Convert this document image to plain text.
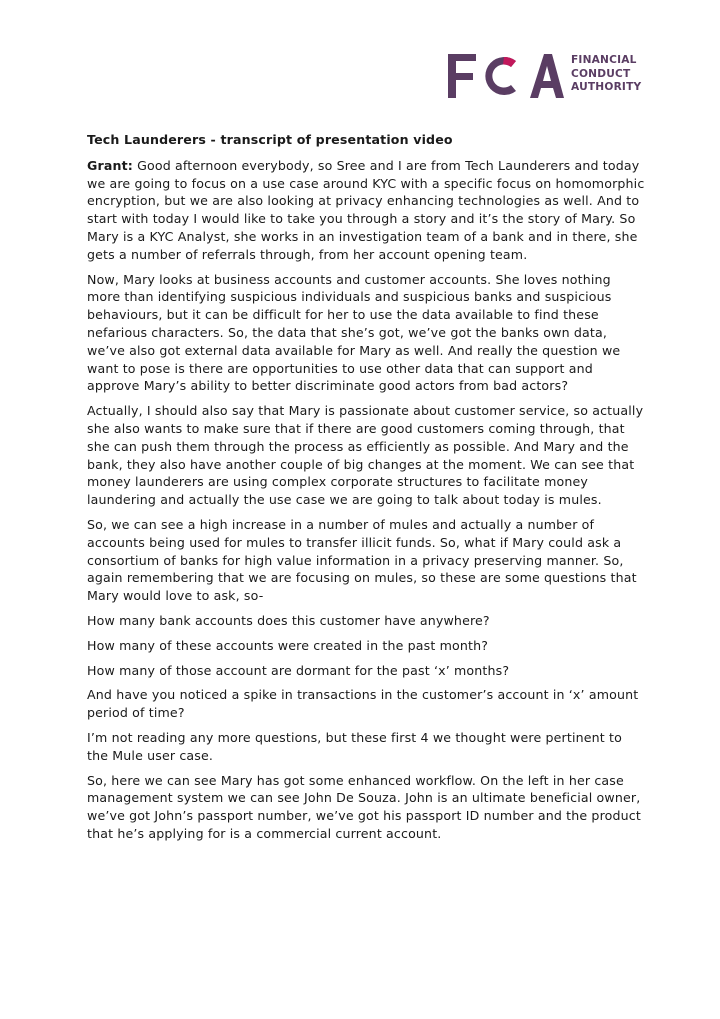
FINANCIAL
CONDUCT
AUTHORITY
Tech Launderers - transcript of presentation video

Grant: Good afternoon everybody, so Sree and I are from Tech Launderers and today we are going to focus on a use case around KYC with a specific focus on homomorphic encryption, but we are also looking at privacy enhancing technologies as well. And to start with today I would like to take you through a story and it’s the story of Mary. So Mary is a KYC Analyst, she works in an investigation team of a bank and in there, she gets a number of referrals through, from her account opening team.

Now, Mary looks at business accounts and customer accounts. She loves nothing more than identifying suspicious individuals and suspicious banks and suspicious behaviours, but it can be difficult for her to use the data available to find these nefarious characters. So, the data that she’s got, we’ve got the banks own data, we’ve also got external data available for Mary as well. And really the question we want to pose is there are opportunities to use other data that can support and approve Mary’s ability to better discriminate good actors from bad actors?

Actually, I should also say that Mary is passionate about customer service, so actually she also wants to make sure that if there are good customers coming through, that she can push them through the process as efficiently as possible. And Mary and the bank, they also have another couple of big changes at the moment. We can see that money launderers are using complex corporate structures to facilitate money laundering and actually the use case we are going to talk about today is mules.

So, we can see a high increase in a number of mules and actually a number of accounts being used for mules to transfer illicit funds. So, what if Mary could ask a consortium of banks for high value information in a privacy preserving manner. So, again remembering that we are focusing on mules, so these are some questions that Mary would love to ask, so-

How many bank accounts does this customer have anywhere?

How many of these accounts were created in the past month?

How many of those account are dormant for the past ‘x’ months?

And have you noticed a spike in transactions in the customer’s account in ‘x’ amount period of time?

I’m not reading any more questions, but these first 4 we thought were pertinent to the Mule user case.

So, here we can see Mary has got some enhanced workflow. On the left in her case management system we can see John De Souza. John is an ultimate beneficial owner, we’ve got John’s passport number, we’ve got his passport ID number and the product that he’s applying for is a commercial current account.
